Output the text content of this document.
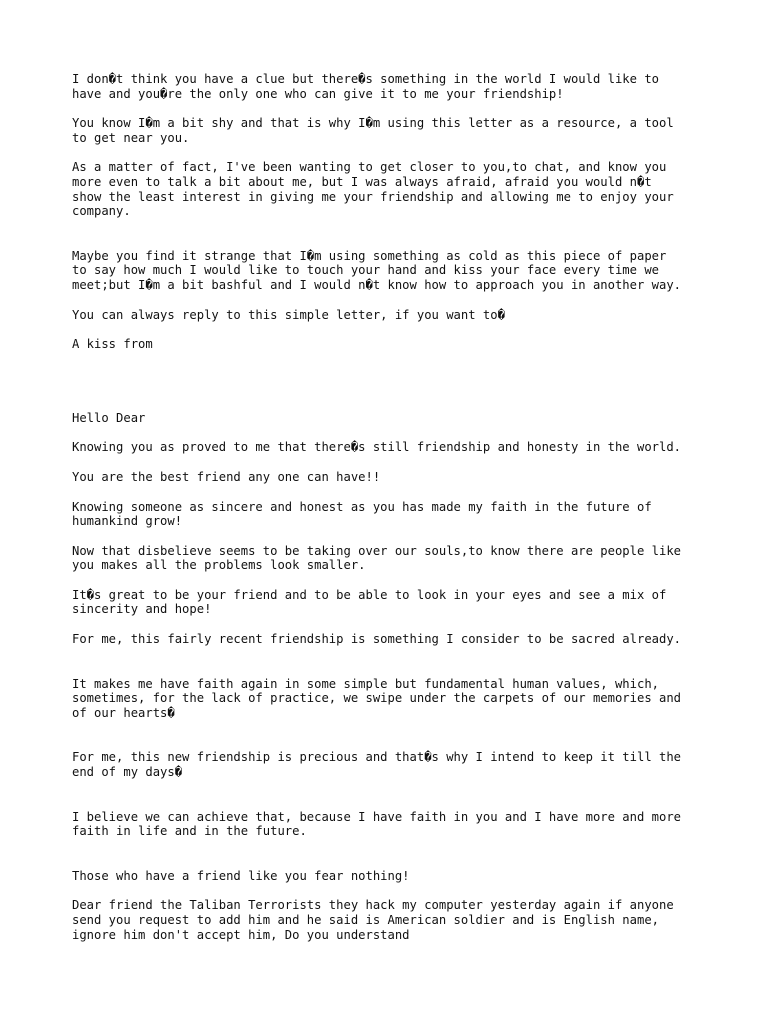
I don�t think you have a clue but there�s something in the world I would like to
have and you�re the only one who can give it to me your friendship!

You know I�m a bit shy and that is why I�m using this letter as a resource, a tool
to get near you.

As a matter of fact, I've been wanting to get closer to you,to chat, and know you
more even to talk a bit about me, but I was always afraid, afraid you would n�t
show the least interest in giving me your friendship and allowing me to enjoy your
company.

Maybe you find it strange that I�m using something as cold as this piece of paper
to say how much I would like to touch your hand and kiss your face every time we
meet;but I�m a bit bashful and I would n�t know how to approach you in another way.

You can always reply to this simple letter, if you want to�

A kiss from

Hello Dear

Knowing you as proved to me that there�s still friendship and honesty in the world.

You are the best friend any one can have!!

Knowing someone as sincere and honest as you has made my faith in the future of
humankind grow!

Now that disbelieve seems to be taking over our souls,to know there are people like
you makes all the problems look smaller.

It�s great to be your friend and to be able to look in your eyes and see a mix of
sincerity and hope!

For me, this fairly recent friendship is something I consider to be sacred already.

It makes me have faith again in some simple but fundamental human values, which,
sometimes, for the lack of practice, we swipe under the carpets of our memories and
of our hearts�

For me, this new friendship is precious and that�s why I intend to keep it till the
end of my days�

I believe we can achieve that, because I have faith in you and I have more and more
faith in life and in the future.

Those who have a friend like you fear nothing!

Dear friend the Taliban Terrorists they hack my computer yesterday again if anyone
send you request to add him and he said is American soldier and is English name,
ignore him don't accept him, Do you understand
